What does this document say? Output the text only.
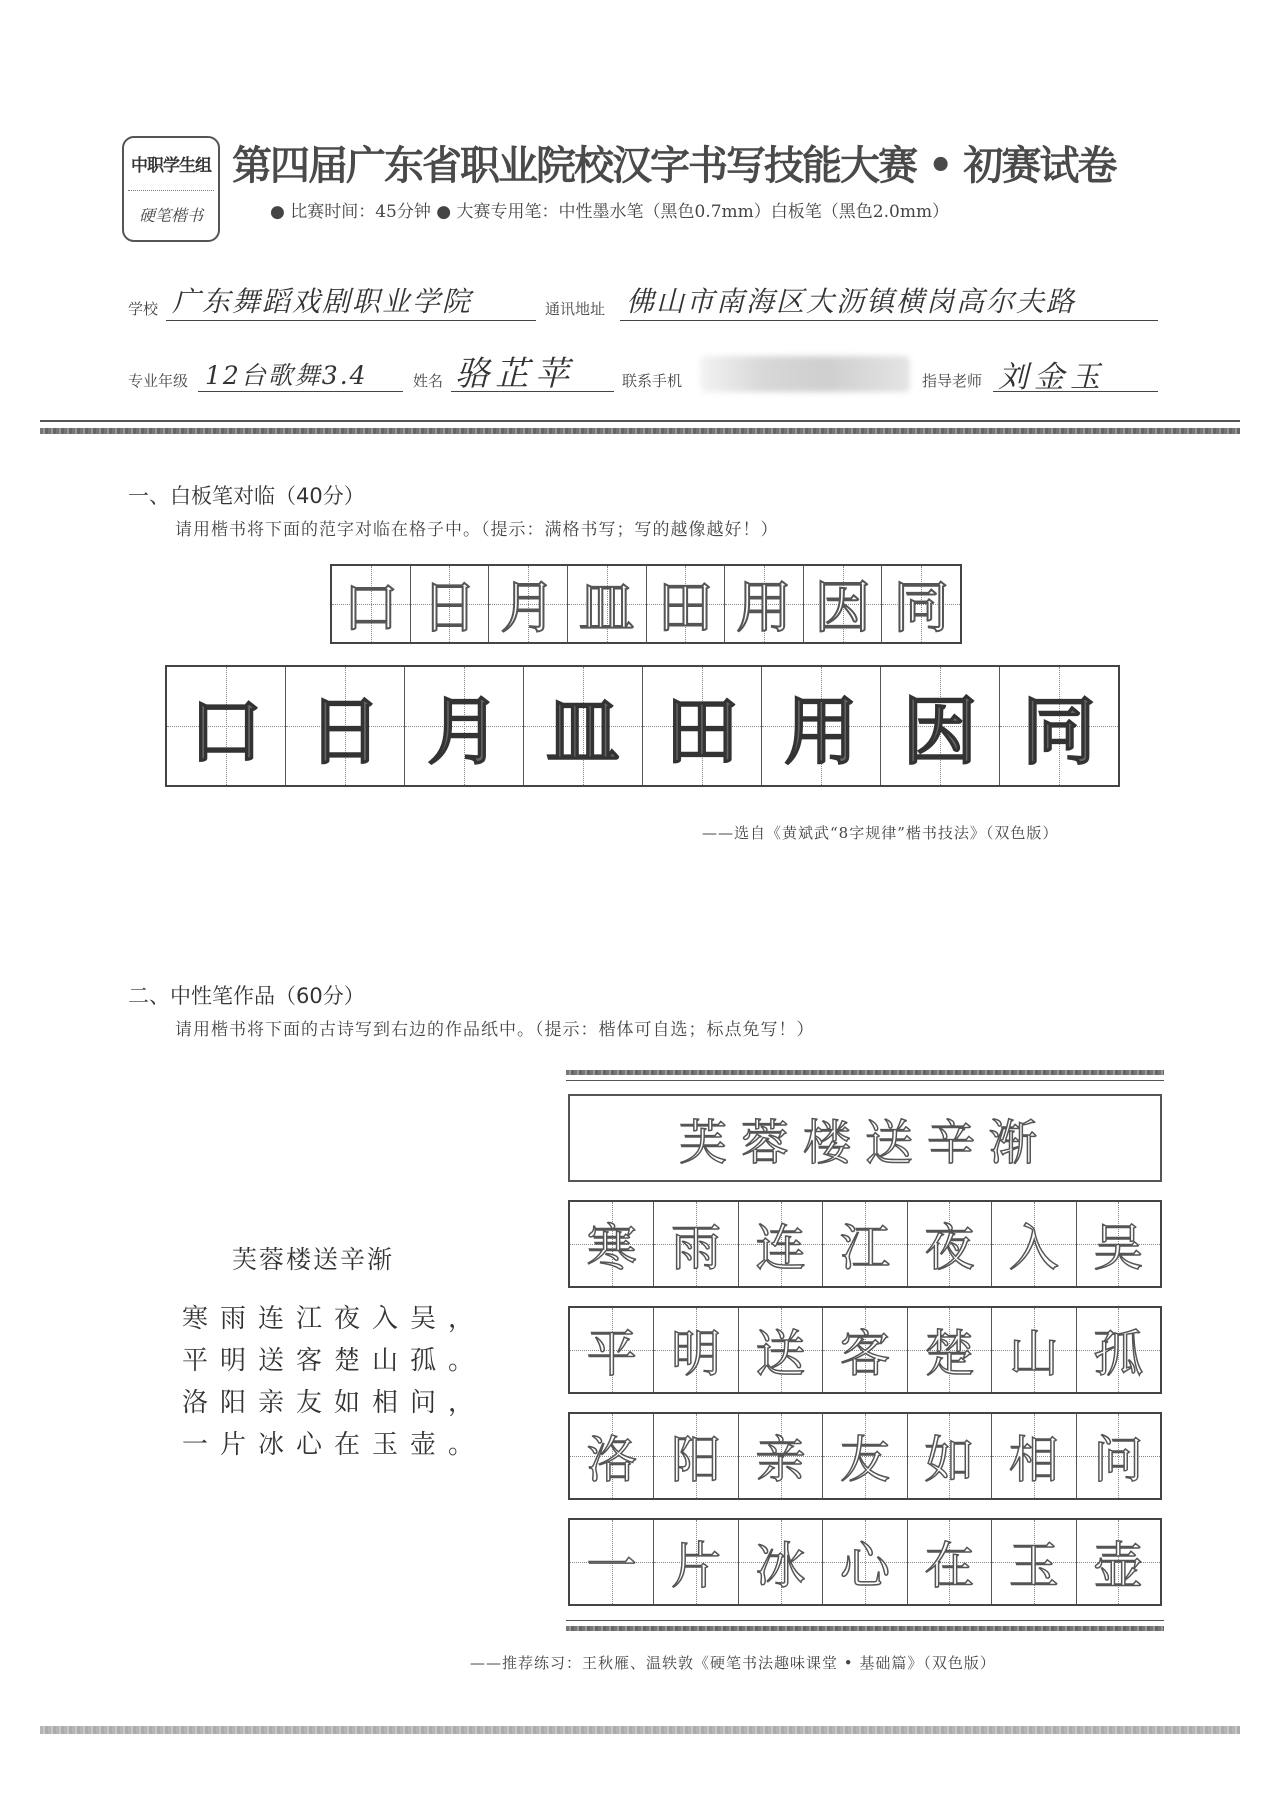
中职学生组
硬笔楷书
第四届广东省职业院校汉字书写技能大赛 • 初赛试卷
● 比赛时间：45分钟 ● 大赛专用笔：中性墨水笔（黑色0.7mm）白板笔（黑色2.0mm）
学校 广东舞蹈戏剧职业学院	通讯地址 佛山市南海区大沥镇横岗高尔夫路
专业年级 12台歌舞3.4	姓名 骆芷苹	联系手机	指导老师 刘金玉
一、白板笔对临（40分）
请用楷书将下面的范字对临在格子中。（提示：满格书写；写的越像越好！）
口 日 月 皿 田 用 因 同
口 日 月 皿 田 用 因 同
——选自《黄斌武“8字规律”楷书技法》（双色版）
二、中性笔作品（60分）
请用楷书将下面的古诗写到右边的作品纸中。（提示：楷体可自选；标点免写！）
芙蓉楼送辛渐
寒雨连江夜入吴，
平明送客楚山孤。
洛阳亲友如相问，
一片冰心在玉壶。
芙蓉楼送辛渐
寒 雨 连 江 夜 入 吴
平 明 送 客 楚 山 孤
洛 阳 亲 友 如 相 问
一 片 冰 心 在 玉 壶
——推荐练习：王秋雁、温轶敦《硬笔书法趣味课堂 • 基础篇》（双色版）
